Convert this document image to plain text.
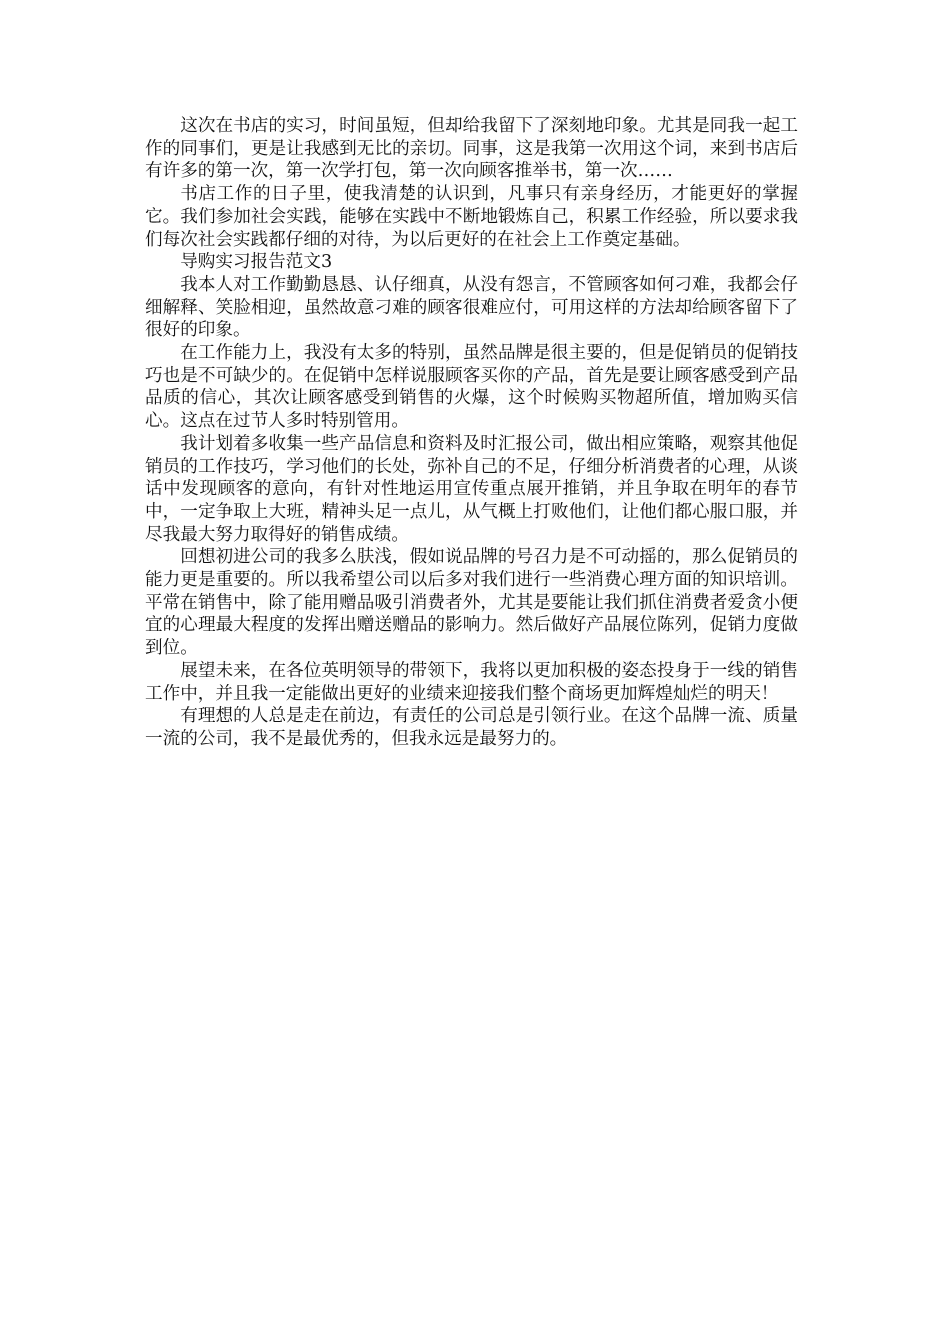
这次在书店的实习，时间虽短，但却给我留下了深刻地印象。尤其是同我一起工作的同事们，更是让我感到无比的亲切。同事，这是我第一次用这个词，来到书店后有许多的第一次，第一次学打包，第一次向顾客推举书，第一次……

书店工作的日子里，使我清楚的认识到，凡事只有亲身经历，才能更好的掌握它。我们参加社会实践，能够在实践中不断地锻炼自己，积累工作经验，所以要求我们每次社会实践都仔细的对待，为以后更好的在社会上工作奠定基础。

导购实习报告范文3

我本人对工作勤勤恳恳、认仔细真，从没有怨言，不管顾客如何刁难，我都会仔细解释、笑脸相迎，虽然故意刁难的顾客很难应付，可用这样的方法却给顾客留下了很好的印象。

在工作能力上，我没有太多的特别，虽然品牌是很主要的，但是促销员的促销技巧也是不可缺少的。在促销中怎样说服顾客买你的产品，首先是要让顾客感受到产品品质的信心，其次让顾客感受到销售的火爆，这个时候购买物超所值，增加购买信心。这点在过节人多时特别管用。

我计划着多收集一些产品信息和资料及时汇报公司，做出相应策略，观察其他促销员的工作技巧，学习他们的长处，弥补自己的不足，仔细分析消费者的心理，从谈话中发现顾客的意向，有针对性地运用宣传重点展开推销，并且争取在明年的春节中，一定争取上大班，精神头足一点儿，从气概上打败他们，让他们都心服口服，并尽我最大努力取得好的销售成绩。

回想初进公司的我多么肤浅，假如说品牌的号召力是不可动摇的，那么促销员的能力更是重要的。所以我希望公司以后多对我们进行一些消费心理方面的知识培训。平常在销售中，除了能用赠品吸引消费者外，尤其是要能让我们抓住消费者爱贪小便宜的心理最大程度的发挥出赠送赠品的影响力。然后做好产品展位陈列，促销力度做到位。

展望未来，在各位英明领导的带领下，我将以更加积极的姿态投身于一线的销售工作中，并且我一定能做出更好的业绩来迎接我们整个商场更加辉煌灿烂的明天！

有理想的人总是走在前边，有责任的公司总是引领行业。在这个品牌一流、质量一流的公司，我不是最优秀的，但我永远是最努力的。
